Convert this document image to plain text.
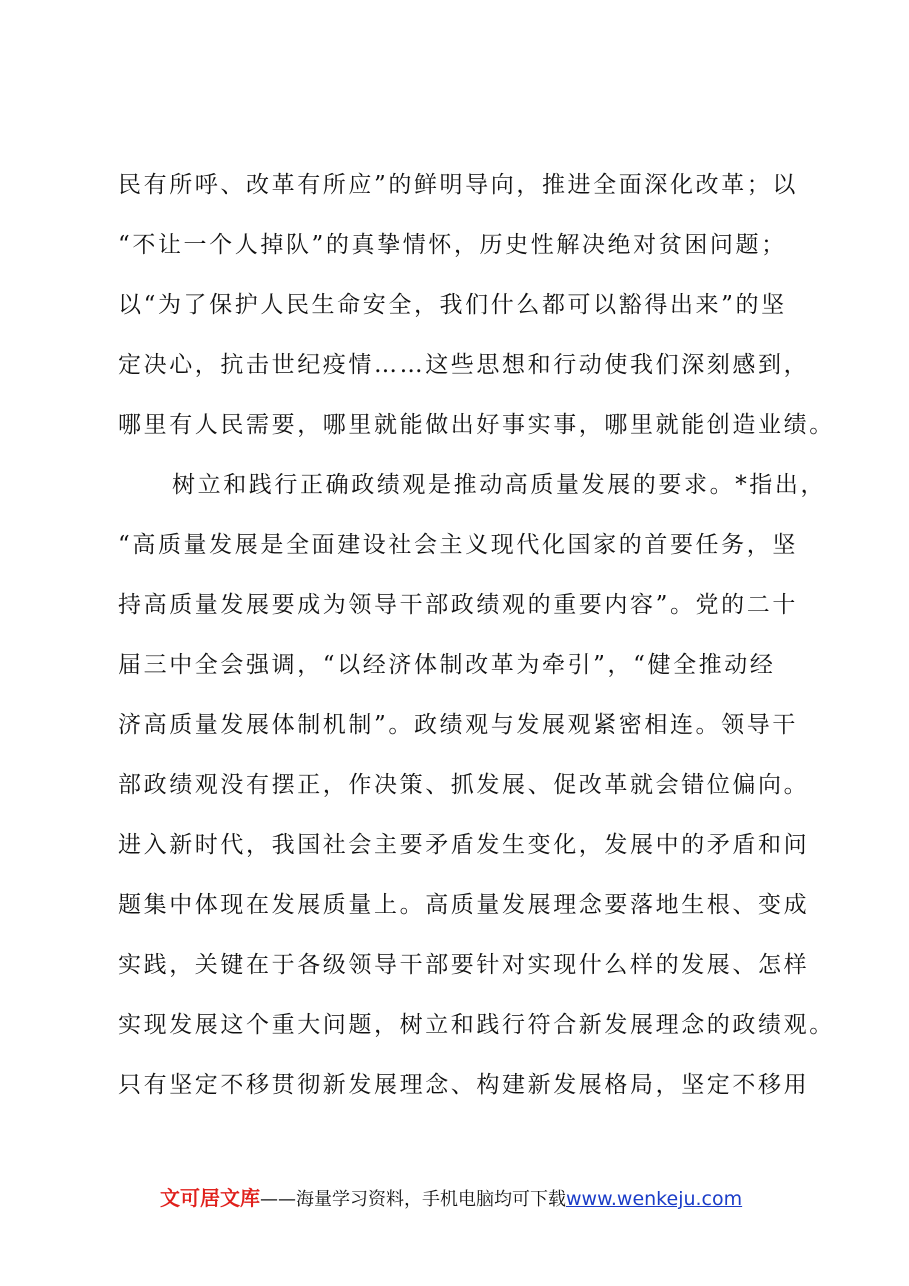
民有所呼、改革有所应”的鲜明导向，推进全面深化改革；以
“不让一个人掉队”的真挚情怀，历史性解决绝对贫困问题；
以“为了保护人民生命安全，我们什么都可以豁得出来”的坚
定决心，抗击世纪疫情……这些思想和行动使我们深刻感到，
哪里有人民需要，哪里就能做出好事实事，哪里就能创造业绩。
树立和践行正确政绩观是推动高质量发展的要求。*指出，
“高质量发展是全面建设社会主义现代化国家的首要任务，坚
持高质量发展要成为领导干部政绩观的重要内容”。党的二十
届三中全会强调，“以经济体制改革为牵引”，“健全推动经
济高质量发展体制机制”。政绩观与发展观紧密相连。领导干
部政绩观没有摆正，作决策、抓发展、促改革就会错位偏向。
进入新时代，我国社会主要矛盾发生变化，发展中的矛盾和问
题集中体现在发展质量上。高质量发展理念要落地生根、变成
实践，关键在于各级领导干部要针对实现什么样的发展、怎样
实现发展这个重大问题，树立和践行符合新发展理念的政绩观。
只有坚定不移贯彻新发展理念、构建新发展格局，坚定不移用
文可居文库——海量学习资料，手机电脑均可下载www.wenkeju.com
